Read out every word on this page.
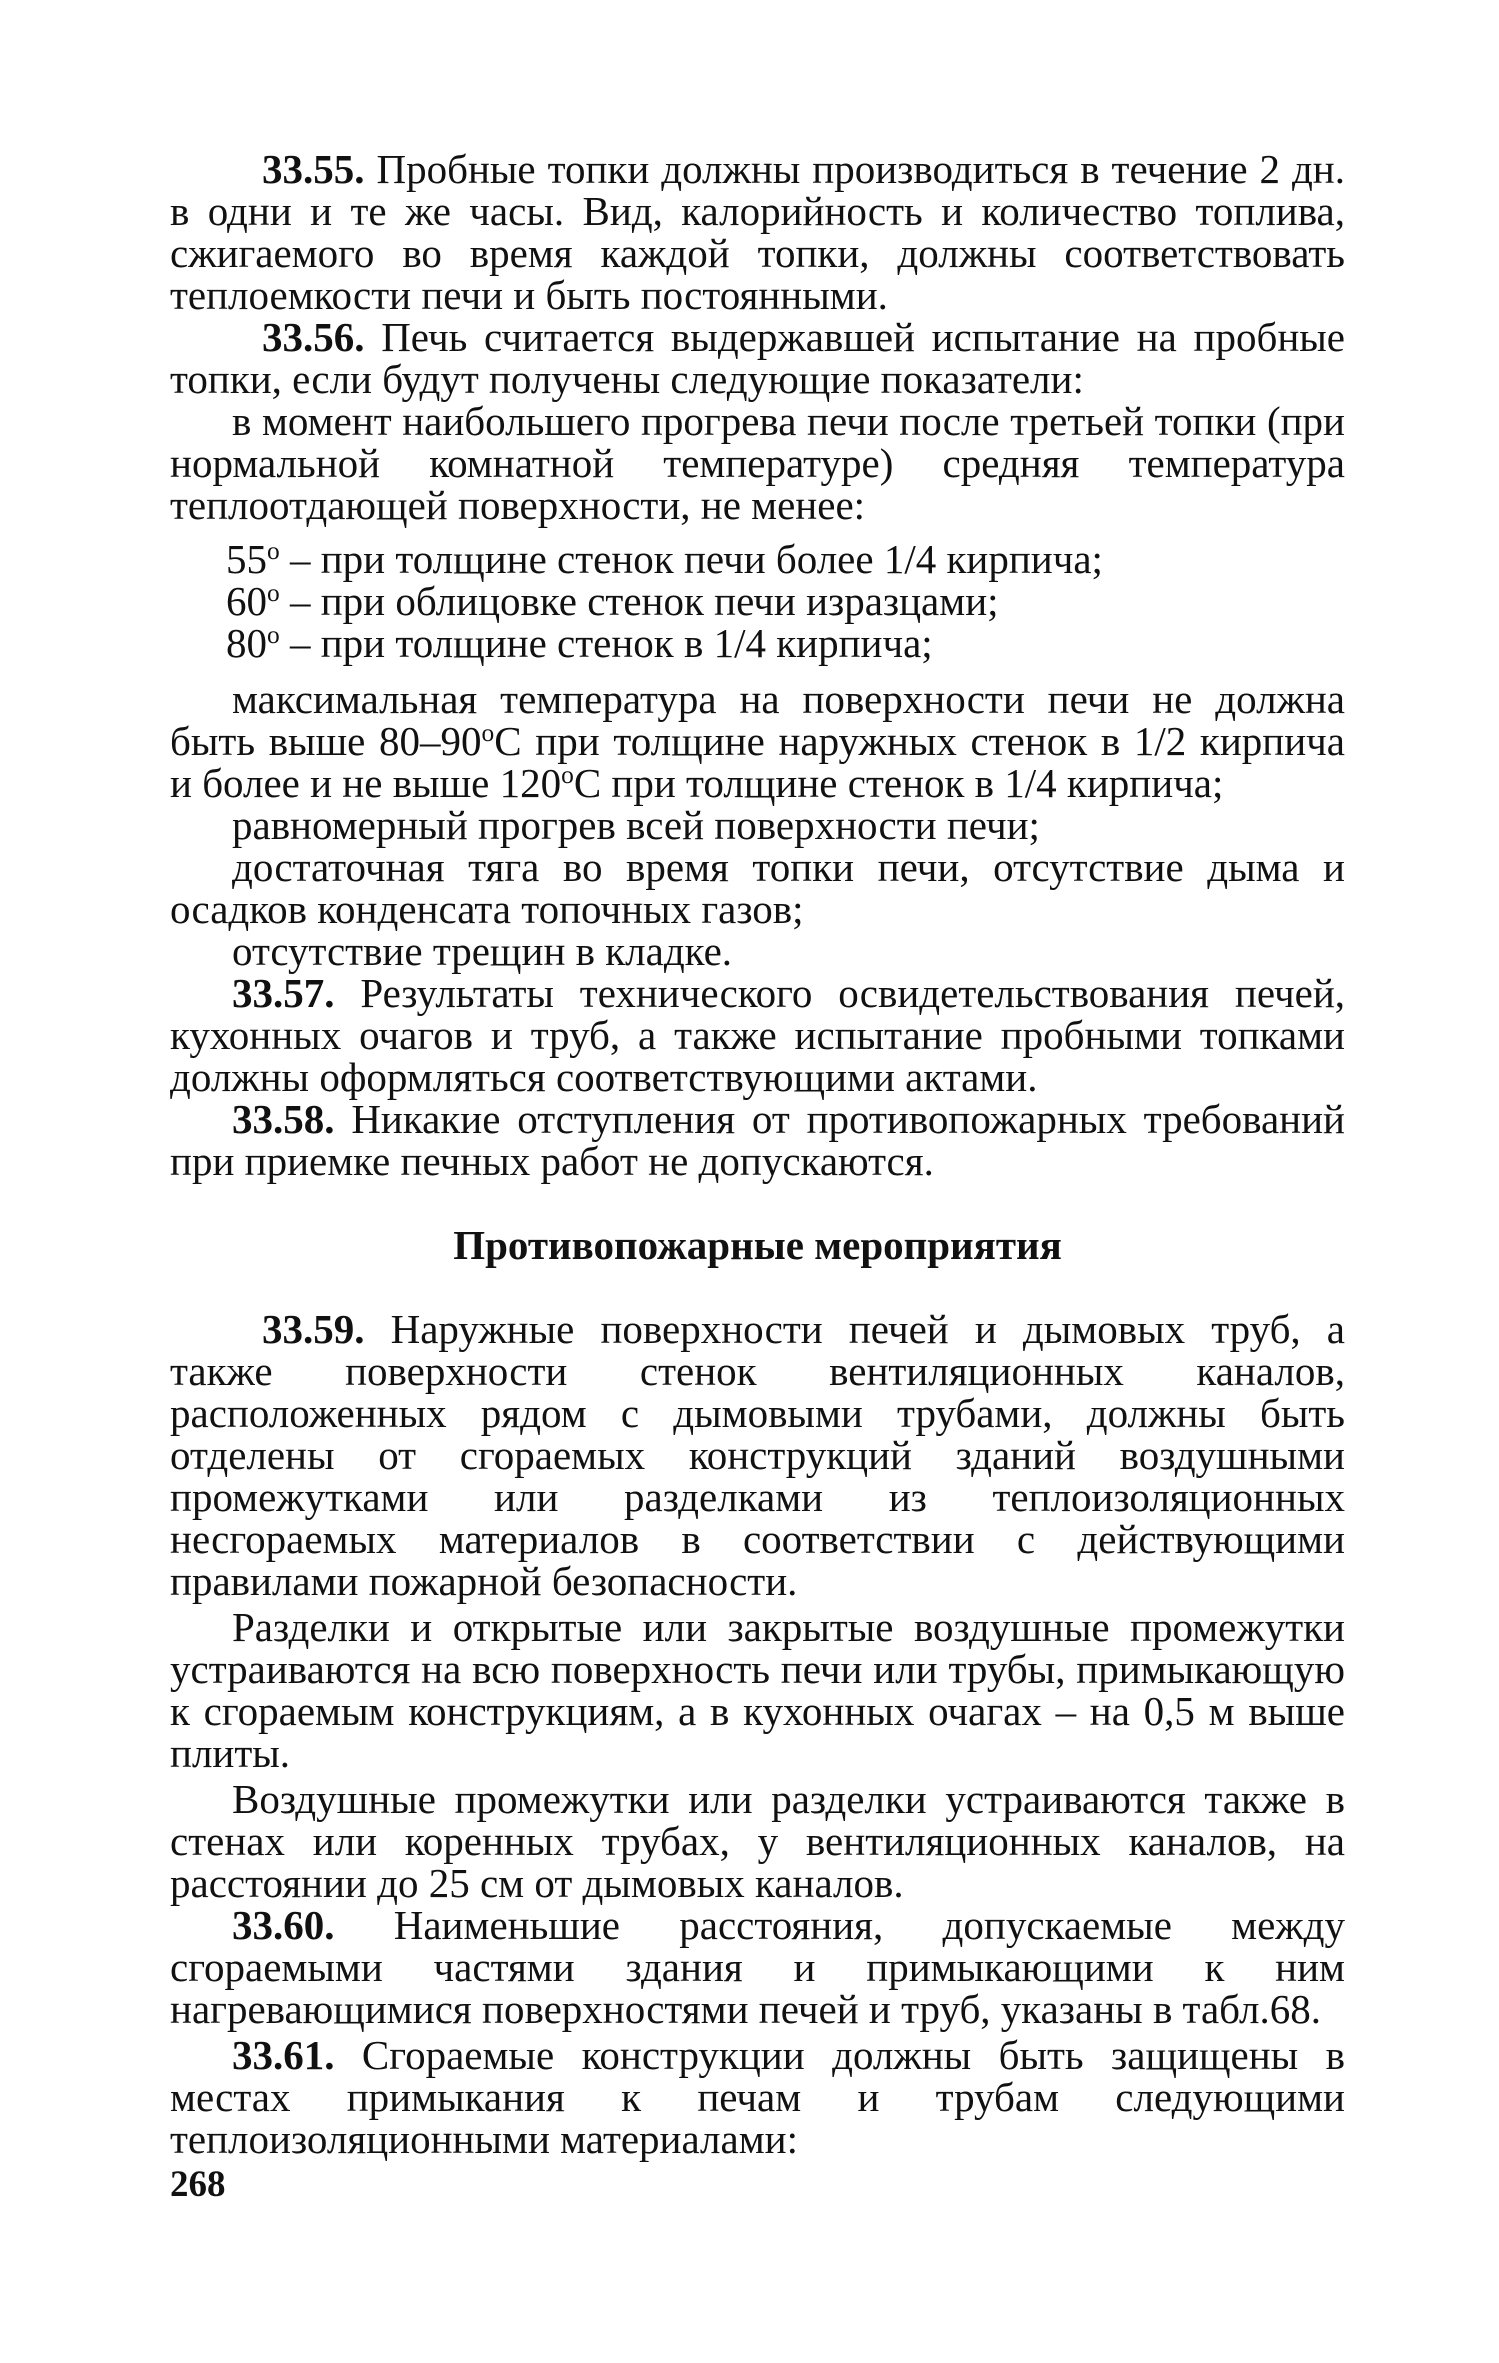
33.55. Пробные топки должны производиться в течение 2 дн. в одни и те же часы. Вид, калорийность и количество топлива, сжигаемого во время каждой топки, должны соответствовать теплоемкости печи и быть постоянными.

33.56. Печь считается выдержавшей испытание на пробные топки, если будут получены следующие показатели:

в момент наибольшего прогрева печи после третьей топки (при нормальной комнатной температуре) средняя температура теплоотдающей поверхности, не менее:

$55^о$ – при толщине стенок печи более 1/4 кирпича;
$60^о$ – при облицовке стенок печи изразцами;
$80^о$ – при толщине стенок в 1/4 кирпича;

максимальная температура на поверхности печи не должна быть выше $80-90^оС$ при толщине наружных стенок в 1/2 кирпича и более и не выше $120^оС$ при толщине стенок в 1/4 кирпича;

равномерный прогрев всей поверхности печи;

достаточная тяга во время топки печи, отсутствие дыма и осадков конденсата топочных газов;

отсутствие трещин в кладке.

33.57. Результаты технического освидетельствования печей, кухонных очагов и труб, а также испытание пробными топками должны оформляться соответствующими актами.

33.58. Никакие отступления от противопожарных требований при приемке печных работ не допускаются.

Противопожарные мероприятия

33.59. Наружные поверхности печей и дымовых труб, а также поверхности стенок вентиляционных каналов, расположенных рядом с дымовыми трубами, должны быть отделены от сгораемых конструкций зданий воздушными промежутками или разделками из теплоизоляционных несгораемых материалов в соответствии с действующими правилами пожарной безопасности.

Разделки и открытые или закрытые воздушные промежутки устраиваются на всю поверхность печи или трубы, примыкающую к сгораемым конструкциям, а в кухонных очагах – на 0,5 м выше плиты.

Воздушные промежутки или разделки устраиваются также в стенах или коренных трубах, у вентиляционных каналов, на расстоянии до 25 см от дымовых каналов.

33.60. Наименьшие расстояния, допускаемые между сгораемыми частями здания и примыкающими к ним нагревающимися поверхностями печей и труб, указаны в табл.68.

33.61. Сгораемые конструкции должны быть защищены в местах примыкания к печам и трубам следующими теплоизоляционными материалами:

268
